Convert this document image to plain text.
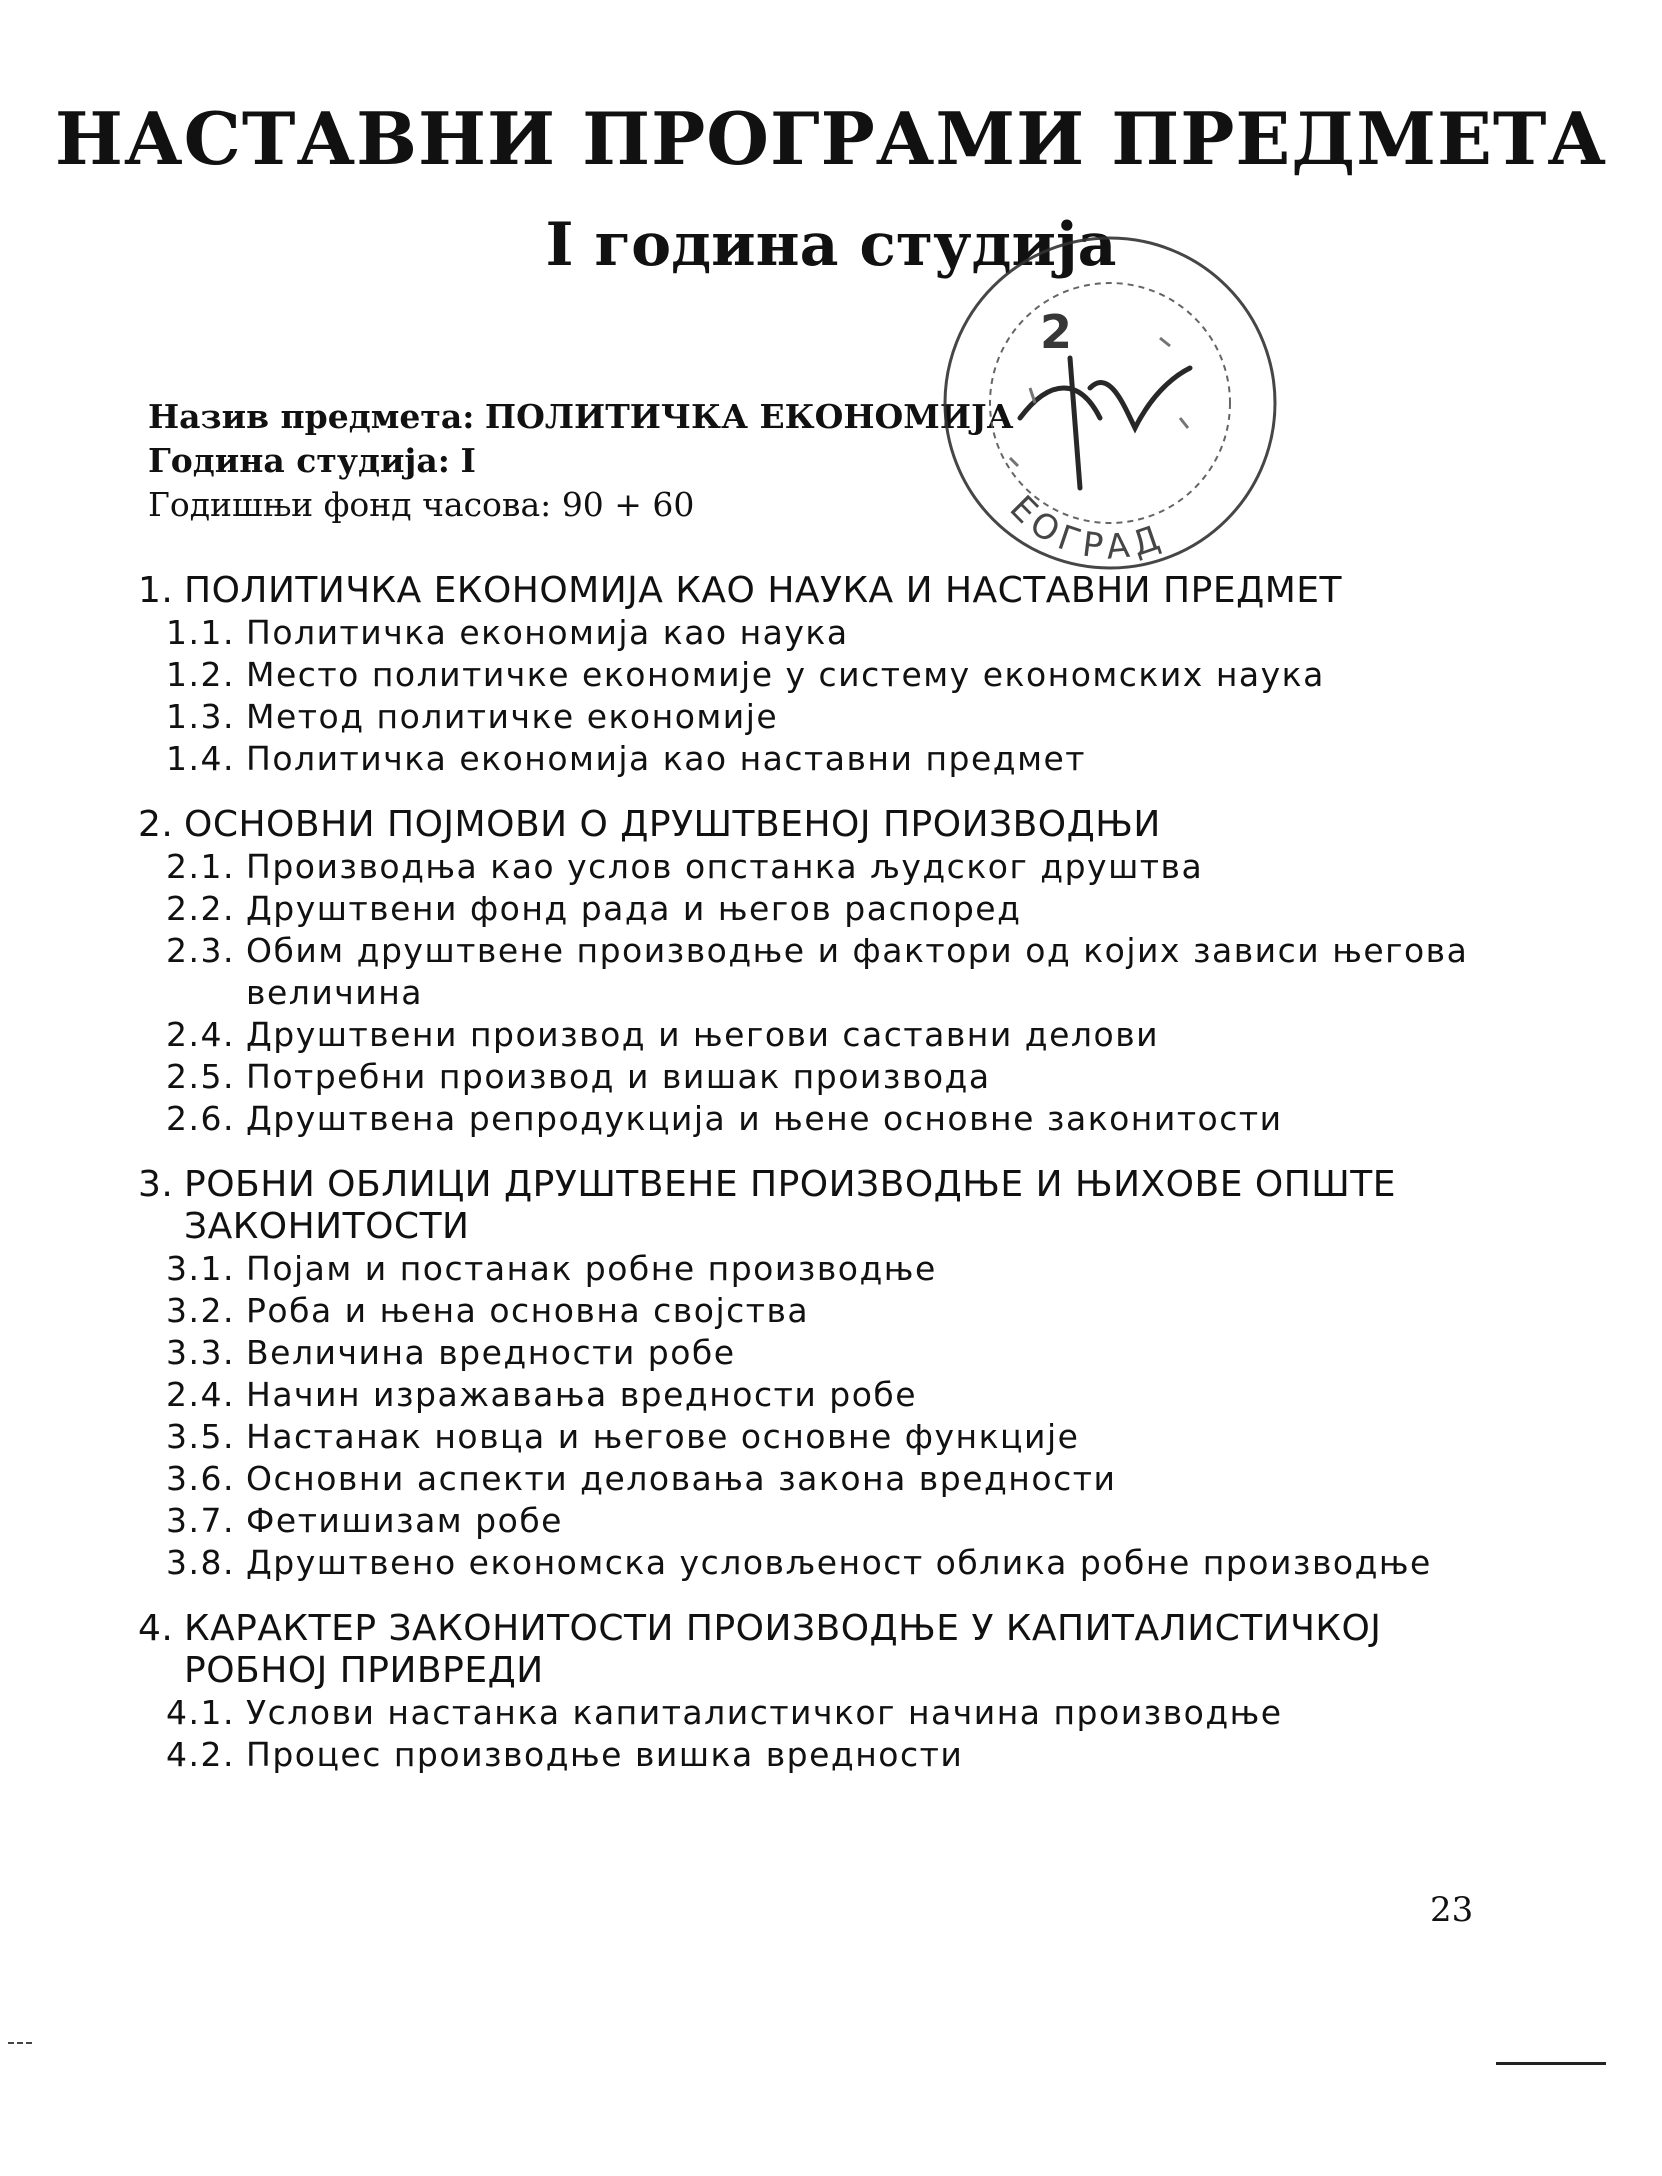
НАСТАВНИ ПРОГРАМИ ПРЕДМЕТА
I година студија
Назив предмета: ПОЛИТИЧКА ЕКОНОМИЈА
Година студија: I
Годишњи фонд часова: 90 + 60
1. ПОЛИТИЧКА ЕКОНОМИЈА КАО НАУКА И НАСТАВНИ ПРЕДМЕТ
1.1. Политичка економија као наука
1.2. Место политичке економије у систему економских наука
1.3. Метод политичке економије
1.4. Политичка економија као наставни предмет
2. ОСНОВНИ ПОЈМОВИ О ДРУШТВЕНОЈ ПРОИЗВОДЊИ
2.1. Производња као услов опстанка људског друштва
2.2. Друштвени фонд рада и његов распоред
2.3. Обим друштвене производње и фактори од којих зависи његова величина
2.4. Друштвени производ и његови саставни делови
2.5. Потребни производ и вишак производа
2.6. Друштвена репродукција и њене основне законитости
3. РОБНИ ОБЛИЦИ ДРУШТВЕНЕ ПРОИЗВОДЊЕ И ЊИХОВЕ ОПШТЕ ЗАКОНИТОСТИ
3.1. Појам и постанак робне производње
3.2. Роба и њена основна својства
3.3. Величина вредности робе
2.4. Начин изражавања вредности робе
3.5. Настанак новца и његове основне функције
3.6. Основни аспекти деловања закона вредности
3.7. Фетишизам робе
3.8. Друштвено економска условљеност облика робне производње
4. КАРАКТЕР ЗАКОНИТОСТИ ПРОИЗВОДЊЕ У КАПИТАЛИСТИЧКОЈ РОБНОЈ ПРИВРЕДИ
4.1. Услови настанка капиталистичког начина производње
4.2. Процес производње вишка вредности
ЕОГРАД
2
23
